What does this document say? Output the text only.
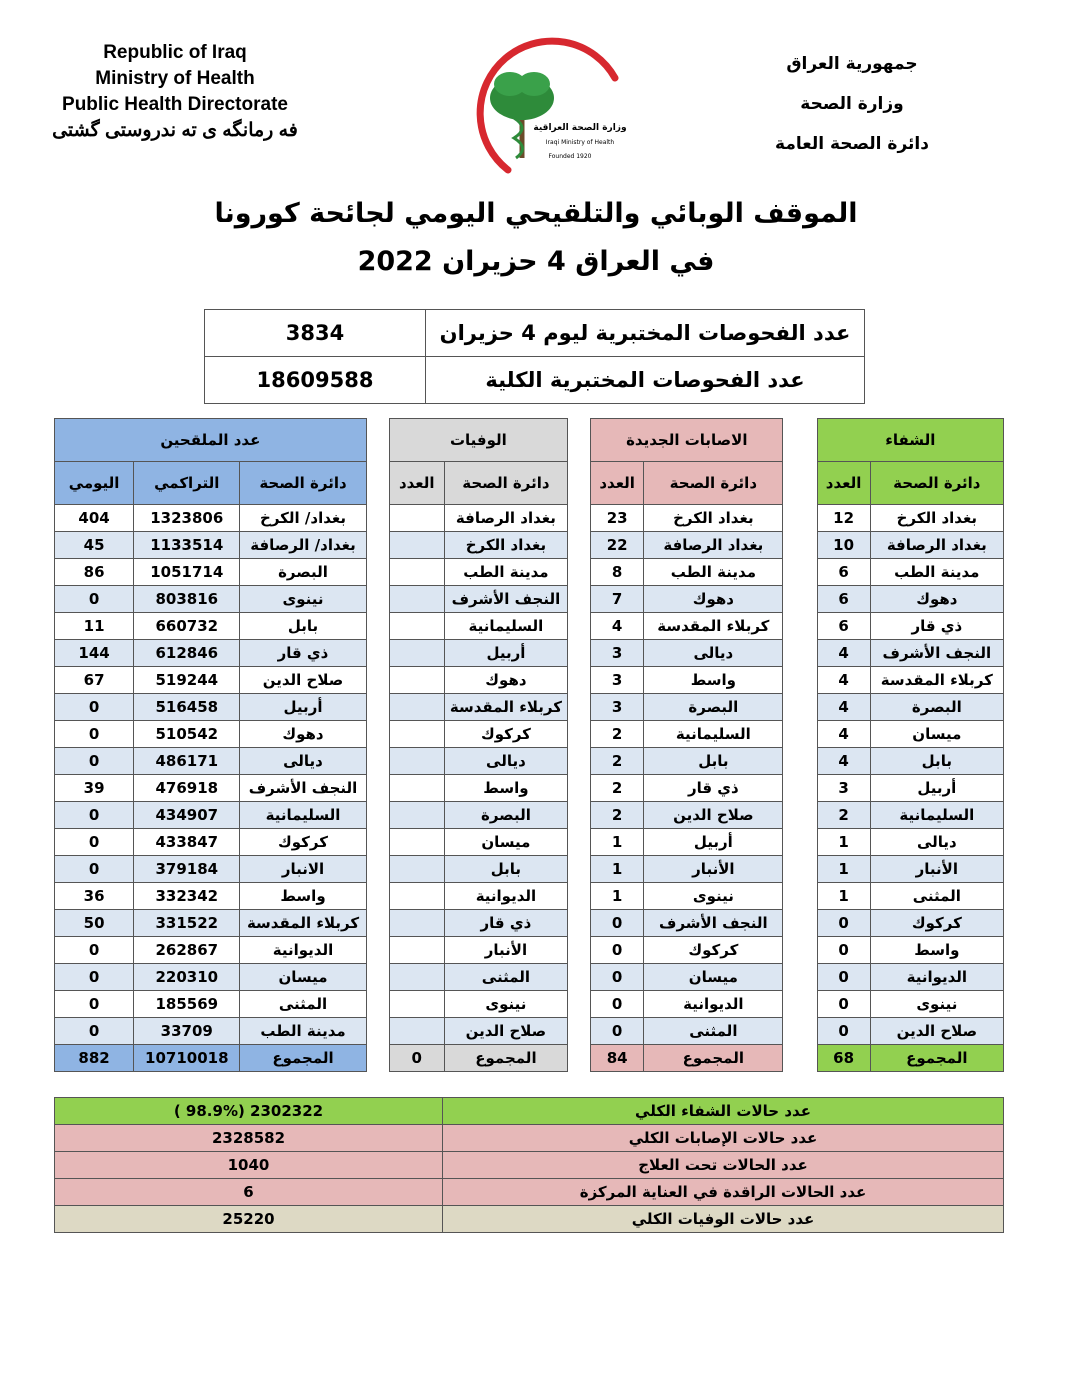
Republic of Iraq
Ministry of Health
Public Health Directorate
فه رمانگه ی ته ندروستی گشتی	وزارة الصحة العراقية
Iraqi Ministry of Health
Founded 1920
جمهورية العراق
وزارة الصحة
دائرة الصحة العامة
الموقف الوبائي والتلقيحي اليومي لجائحة كورونا
في العراق 4 حزيران 2022
عدد الفحوصات المختبرية ليوم 4 حزيران	3834
عدد الفحوصات المختبرية الكلية	18609588
عدد الملقحين				الوفيات			الاصابات الجديدة			الشفاء	
اليومي	التراكمي	دائرة الصحة		العدد	دائرة الصحة		العدد	دائرة الصحة		العدد	دائرة الصحة
404	1323806	بغداد/ الكرخ			بغداد الرصافة		23	بغداد الكرخ		12	بغداد الكرخ
45	1133514	بغداد/ الرصافة			بغداد الكرخ		22	بغداد الرصافة		10	بغداد الرصافة
86	1051714	البصرة			مدينة الطب		8	مدينة الطب		6	مدينة الطب
0	803816	نينوى			النجف الأشرف		7	دهوك		6	دهوك
11	660732	بابل			السليمانية		4	كربلاء المقدسة		6	ذي قار
144	612846	ذي قار			أربيل		3	ديالى		4	النجف الأشرف
67	519244	صلاح الدين			دهوك		3	واسط		4	كربلاء المقدسة
0	516458	أربيل			كربلاء المقدسة		3	البصرة		4	البصرة
0	510542	دهوك			كركوك		2	السليمانية		4	ميسان
0	486171	ديالى			ديالى		2	بابل		4	بابل
39	476918	النجف الأشرف			واسط		2	ذي قار		3	أربيل
0	434907	السليمانية			البصرة		2	صلاح الدين		2	السليمانية
0	433847	كركوك			ميسان		1	أربيل		1	ديالى
0	379184	الانبار			بابل		1	الأنبار		1	الأنبار
36	332342	واسط			الديوانية		1	نينوى		1	المثنى
50	331522	كربلاء المقدسة			ذي قار		0	النجف الأشرف		0	كركوك
0	262867	الديوانية			الأنبار		0	كركوك		0	واسط
0	220310	ميسان			المثنى		0	ميسان		0	الديوانية
0	185569	المثنى			نينوى		0	الديوانية		0	نينوى
0	33709	مدينة الطب			صلاح الدين		0	المثنى		0	صلاح الدين
882	10710018	المجموع		0	المجموع		84	المجموع		68	المجموع
( 98.9%) 2302322	عدد حالات الشفاء الكلي
2328582	عدد حالات الإصابات الكلي
1040	عدد الحالات تحت العلاج
6	عدد الحالات الراقدة في العناية المركزة
25220	عدد حالات الوفيات الكلي
